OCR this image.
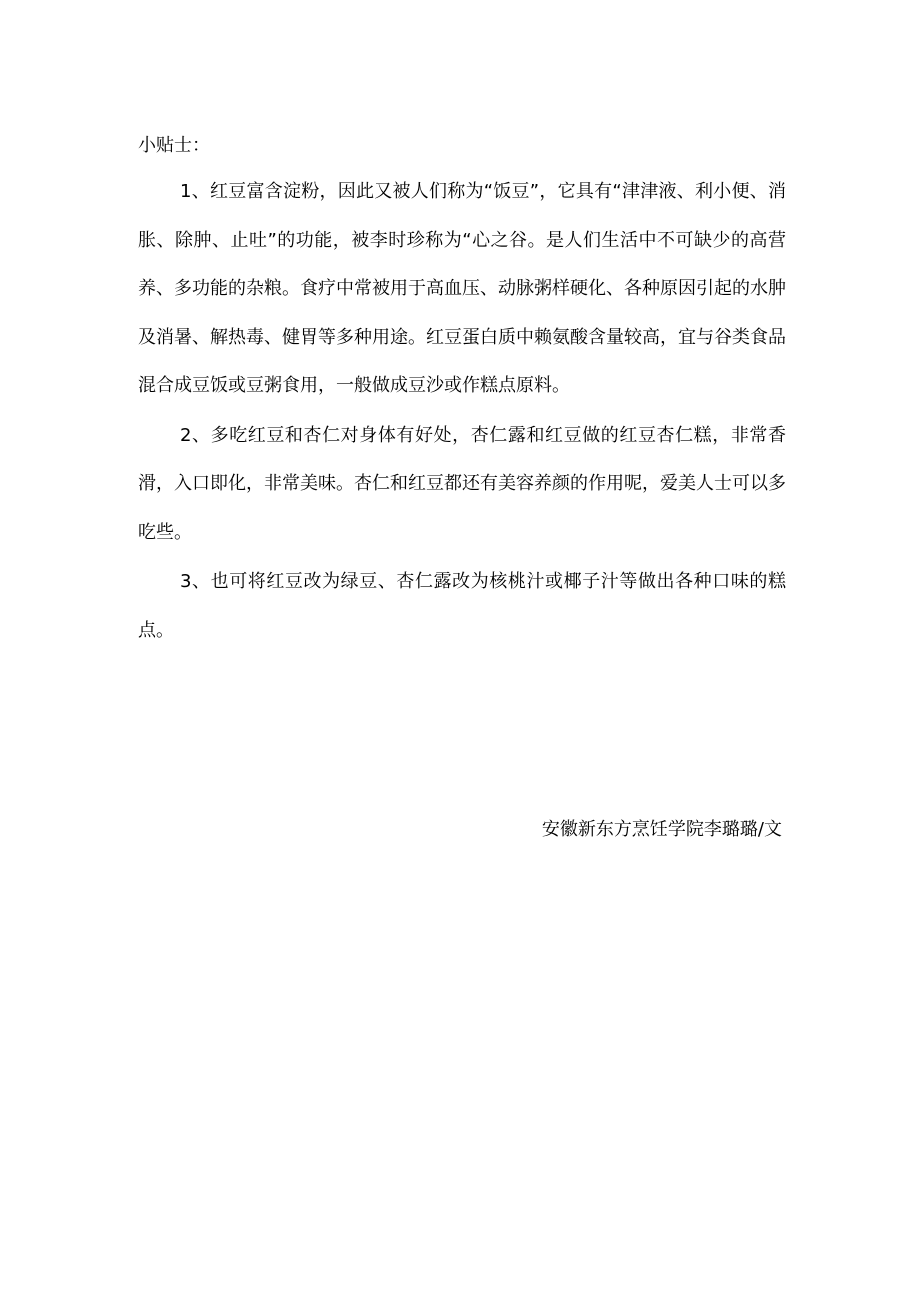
小贴士：

1、红豆富含淀粉，因此又被人们称为“饭豆”，它具有“津津液、利小便、消胀、除肿、止吐”的功能，被李时珍称为“心之谷。是人们生活中不可缺少的高营养、多功能的杂粮。食疗中常被用于高血压、动脉粥样硬化、各种原因引起的水肿及消暑、解热毒、健胃等多种用途。红豆蛋白质中赖氨酸含量较高，宜与谷类食品混合成豆饭或豆粥食用，一般做成豆沙或作糕点原料。

2、多吃红豆和杏仁对身体有好处，杏仁露和红豆做的红豆杏仁糕，非常香滑，入口即化，非常美味。杏仁和红豆都还有美容养颜的作用呢，爱美人士可以多吃些。

3、也可将红豆改为绿豆、杏仁露改为核桃汁或椰子汁等做出各种口味的糕点。

安徽新东方烹饪学院李璐璐/文
